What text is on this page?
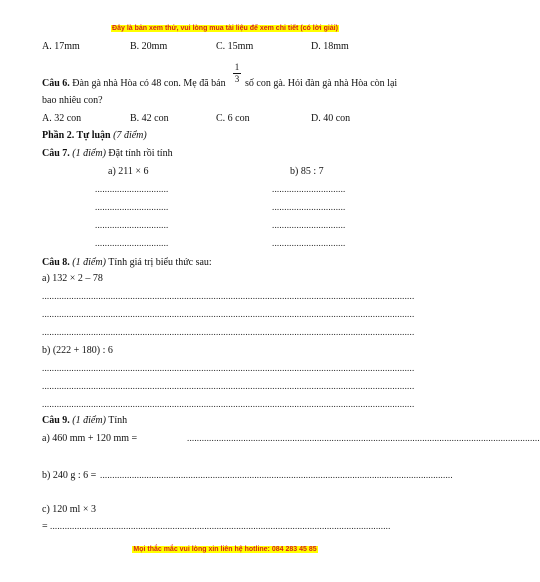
Đây là bản xem thử, vui lòng mua tài liệu để xem chi tiết (có lời giải)
A. 17mm	B. 20mm	C. 15mm	D. 18mm
Câu 6. Đàn gà nhà Hòa có 48 con. Mẹ đã bán
1
3 số con gà. Hỏi đàn gà nhà Hòa còn lại
bao nhiêu con?
A. 32 con	B. 42 con	C. 6 con	D. 40 con
Phần 2. Tự luận (7 điểm)
Câu 7. (1 điểm) Đặt tính rồi tính
a) 211 × 6	b) 85 : 7
..............................	..............................
..............................	..............................
..............................	..............................
..............................	..............................
Câu 8. (1 điểm) Tính giá trị biểu thức sau:
a) 132 × 2 – 78
........................................................................................................................................................
........................................................................................................................................................
........................................................................................................................................................
b) (222 + 180) : 6
........................................................................................................................................................
........................................................................................................................................................
........................................................................................................................................................
Câu 9. (1 điểm) Tính
a) 460 mm + 120 mm =	................................................................................................................................................
b) 240 g : 6 = ................................................................................................................................................
c) 120 ml × 3
= ...........................................................................................................................................
Mọi thắc mắc vui lòng xin liên hệ hotline: 084 283 45 85
